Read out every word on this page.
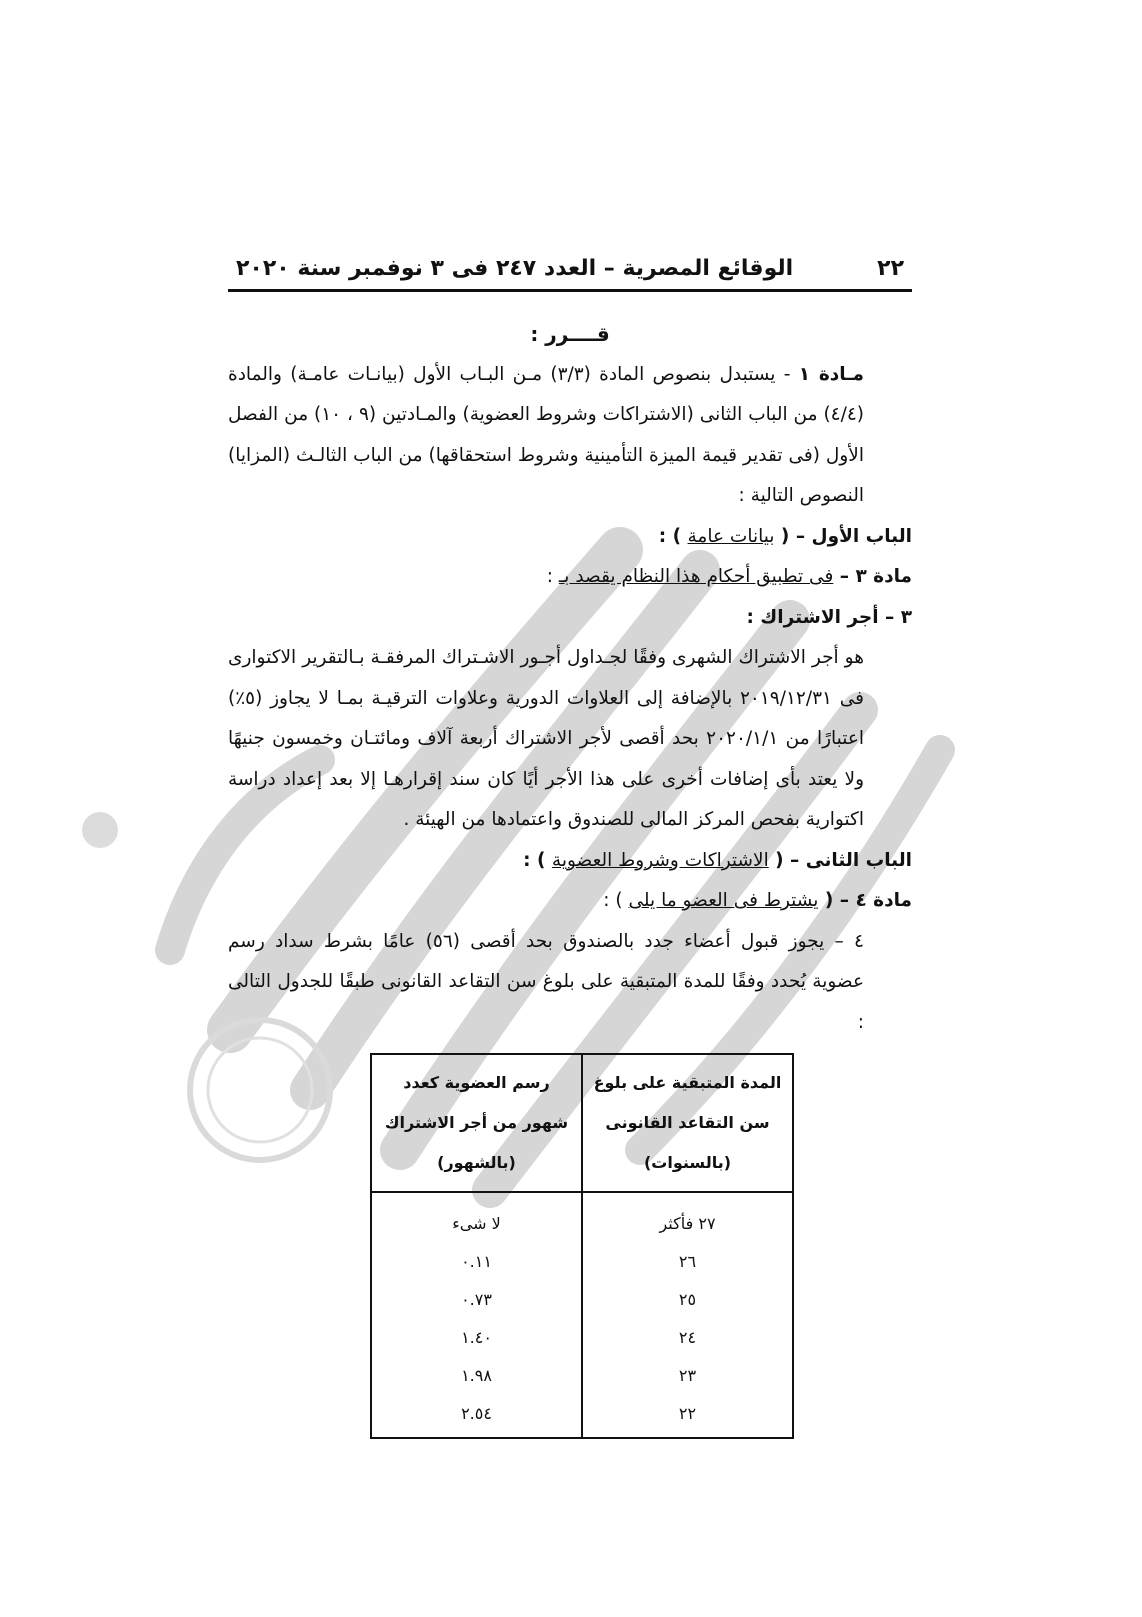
٢٢
الوقائع المصرية – العدد ٢٤٧ فى ٣ نوفمبر سنة ٢٠٢٠

قــــرر :

مـادة ١ - يستبدل بنصوص المادة (٣/٣) مـن البـاب الأول (بيانـات عامـة) والمادة (٤/٤) من الباب الثانى (الاشتراكات وشروط العضوية) والمـادتين (٩ ، ١٠) من الفصل الأول (فى تقدير قيمة الميزة التأمينية وشروط استحقاقها) من الباب الثالـث (المزايا) النصوص التالية :

الباب الأول – ( بيانات عامة ) :

مادة ٣ – فى تطبيق أحكام هذا النظام يقصد بـ :

٣ – أجر الاشتراك :

هو أجر الاشتراك الشهرى وفقًا لجـداول أجـور الاشـتراك المرفقـة بـالتقرير الاكتوارى فى ٢٠١٩/١٢/٣١ بالإضافة إلى العلاوات الدورية وعلاوات الترقيـة بمـا لا يجاوز (٥٪) اعتبارًا من ٢٠٢٠/١/١ بحد أقصى لأجر الاشتراك أربعة آلاف ومائتـان وخمسون جنيهًا ولا يعتد بأى إضافات أخرى على هذا الأجر أيًا كان سند إقرارهـا إلا بعد إعداد دراسة اكتوارية بفحص المركز المالى للصندوق واعتمادها من الهيئة .

الباب الثانى – ( الاشتراكات وشروط العضوية ) :

مادة ٤ – ( يشترط فى العضو ما يلى ) :

٤ – يجوز قبول أعضاء جدد بالصندوق بحد أقصى (٥٦) عامًا بشرط سداد رسم عضوية يُحدد وفقًا للمدة المتبقية على بلوغ سن التقاعد القانونى طبقًا للجدول التالى :

المدة المتبقية على بلوغ سن التقاعد القانونى (بالسنوات)	رسم العضوية كعدد شهور من أجر الاشتراك (بالشهور)
٢٧ فأكثر	لا شىء
٢٦	٠.١١
٢٥	٠.٧٣
٢٤	١.٤٠
٢٣	١.٩٨
٢٢	٢.٥٤
